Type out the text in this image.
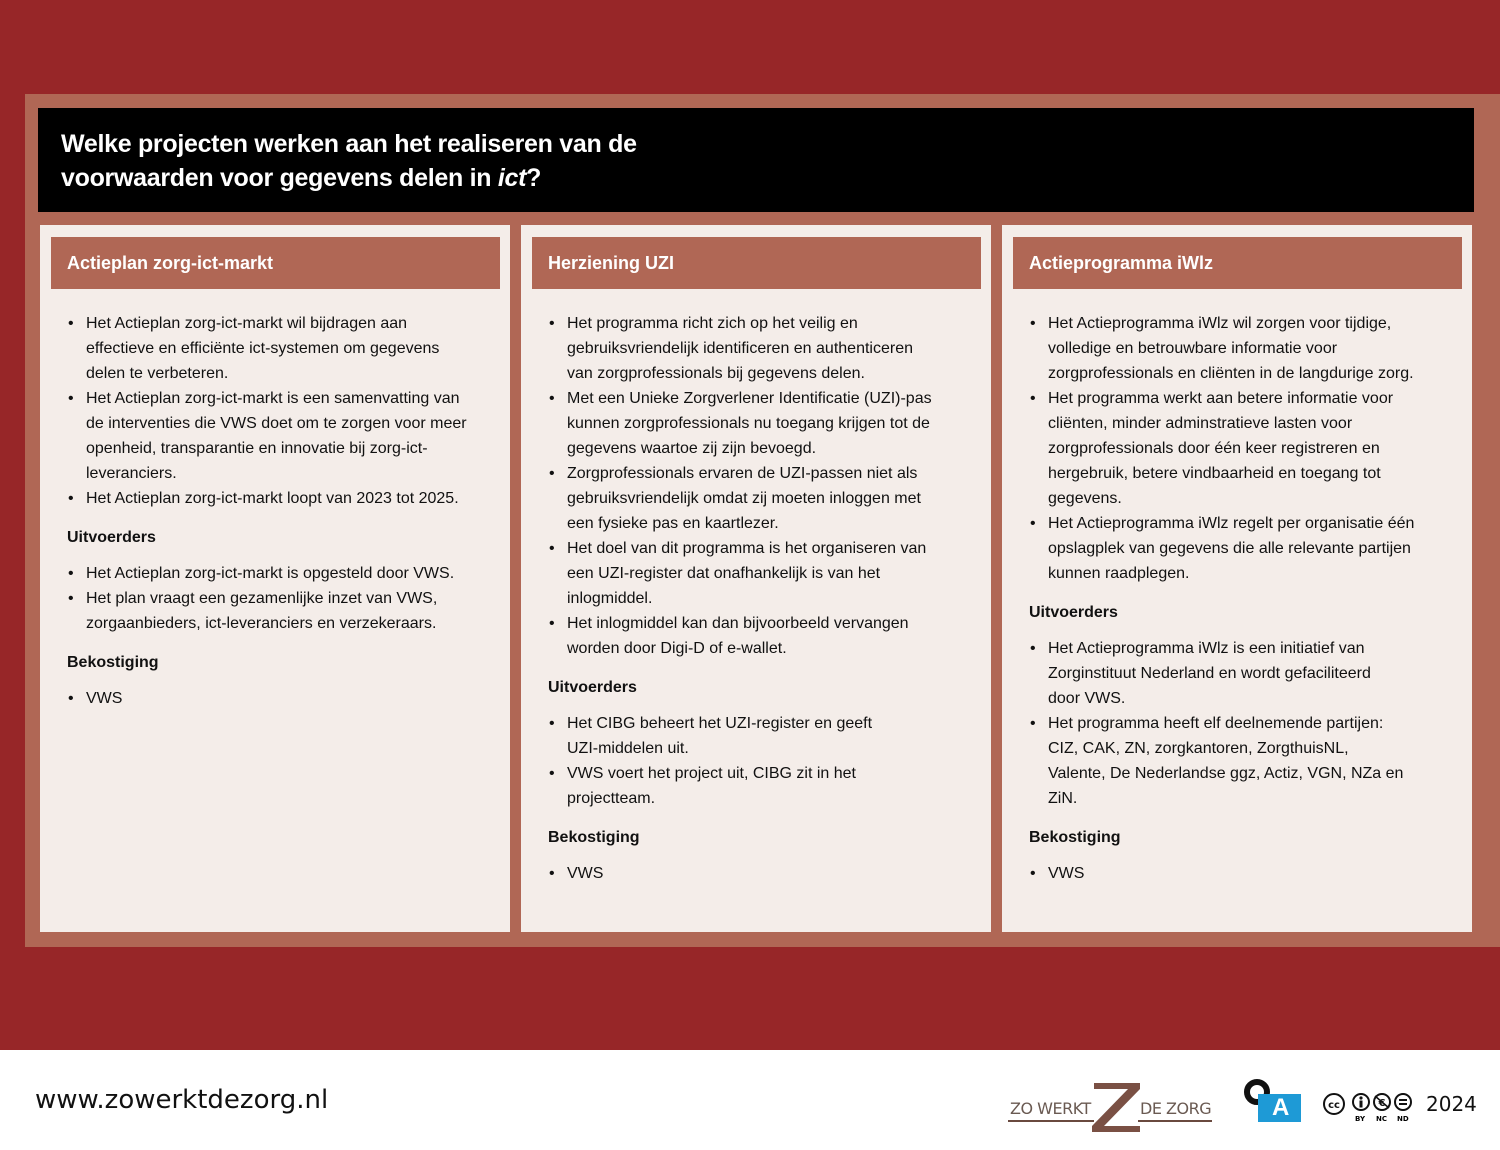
Welke projecten werken aan het realiseren van de
voorwaarden voor gegevens delen in ict?
Actieplan zorg-ict-markt
• Het Actieplan zorg-ict-markt wil bijdragen aan effectieve en efficiënte ict-systemen om gegevens delen te verbeteren.
• Het Actieplan zorg-ict-markt is een samenvatting van de interventies die VWS doet om te zorgen voor meer openheid, transparantie en innovatie bij zorg-ict-leveranciers.
• Het Actieplan zorg-ict-markt loopt van 2023 tot 2025.
Uitvoerders
• Het Actieplan zorg-ict-markt is opgesteld door VWS.
• Het plan vraagt een gezamenlijke inzet van VWS, zorgaanbieders, ict-leveranciers en verzekeraars.
Bekostiging
• VWS
Herziening UZI
• Het programma richt zich op het veilig en gebruiksvriendelijk identificeren en authenticeren van zorgprofessionals bij gegevens delen.
• Met een Unieke Zorgverlener Identificatie (UZI)-pas kunnen zorgprofessionals nu toegang krijgen tot de gegevens waartoe zij zijn bevoegd.
• Zorgprofessionals ervaren de UZI-passen niet als gebruiksvriendelijk omdat zij moeten inloggen met een fysieke pas en kaartlezer.
• Het doel van dit programma is het organiseren van een UZI-register dat onafhankelijk is van het inlogmiddel.
• Het inlogmiddel kan dan bijvoorbeeld vervangen worden door Digi-D of e-wallet.
Uitvoerders
• Het CIBG beheert het UZI-register en geeft UZI-middelen uit.
• VWS voert het project uit, CIBG zit in het projectteam.
Bekostiging
• VWS
Actieprogramma iWlz
• Het Actieprogramma iWlz wil zorgen voor tijdige, volledige en betrouwbare informatie voor zorgprofessionals en cliënten in de langdurige zorg.
• Het programma werkt aan betere informatie voor cliënten, minder adminstratieve lasten voor zorgprofessionals door één keer registreren en hergebruik, betere vindbaarheid en toegang tot gegevens.
• Het Actieprogramma iWlz regelt per organisatie één opslagplek van gegevens die alle relevante partijen kunnen raadplegen.
Uitvoerders
• Het Actieprogramma iWlz is een initiatief van Zorginstituut Nederland en wordt gefaciliteerd door VWS.
• Het programma heeft elf deelnemende partijen: CIZ, CAK, ZN, zorgkantoren, ZorgthuisNL, Valente, De Nederlandse ggz, Actiz, VGN, NZa en ZiN.
Bekostiging
• VWS
www.zowerktdezorg.nl	ZO WERKT	DE ZORG	A	cc	€
BY NC ND
2024
